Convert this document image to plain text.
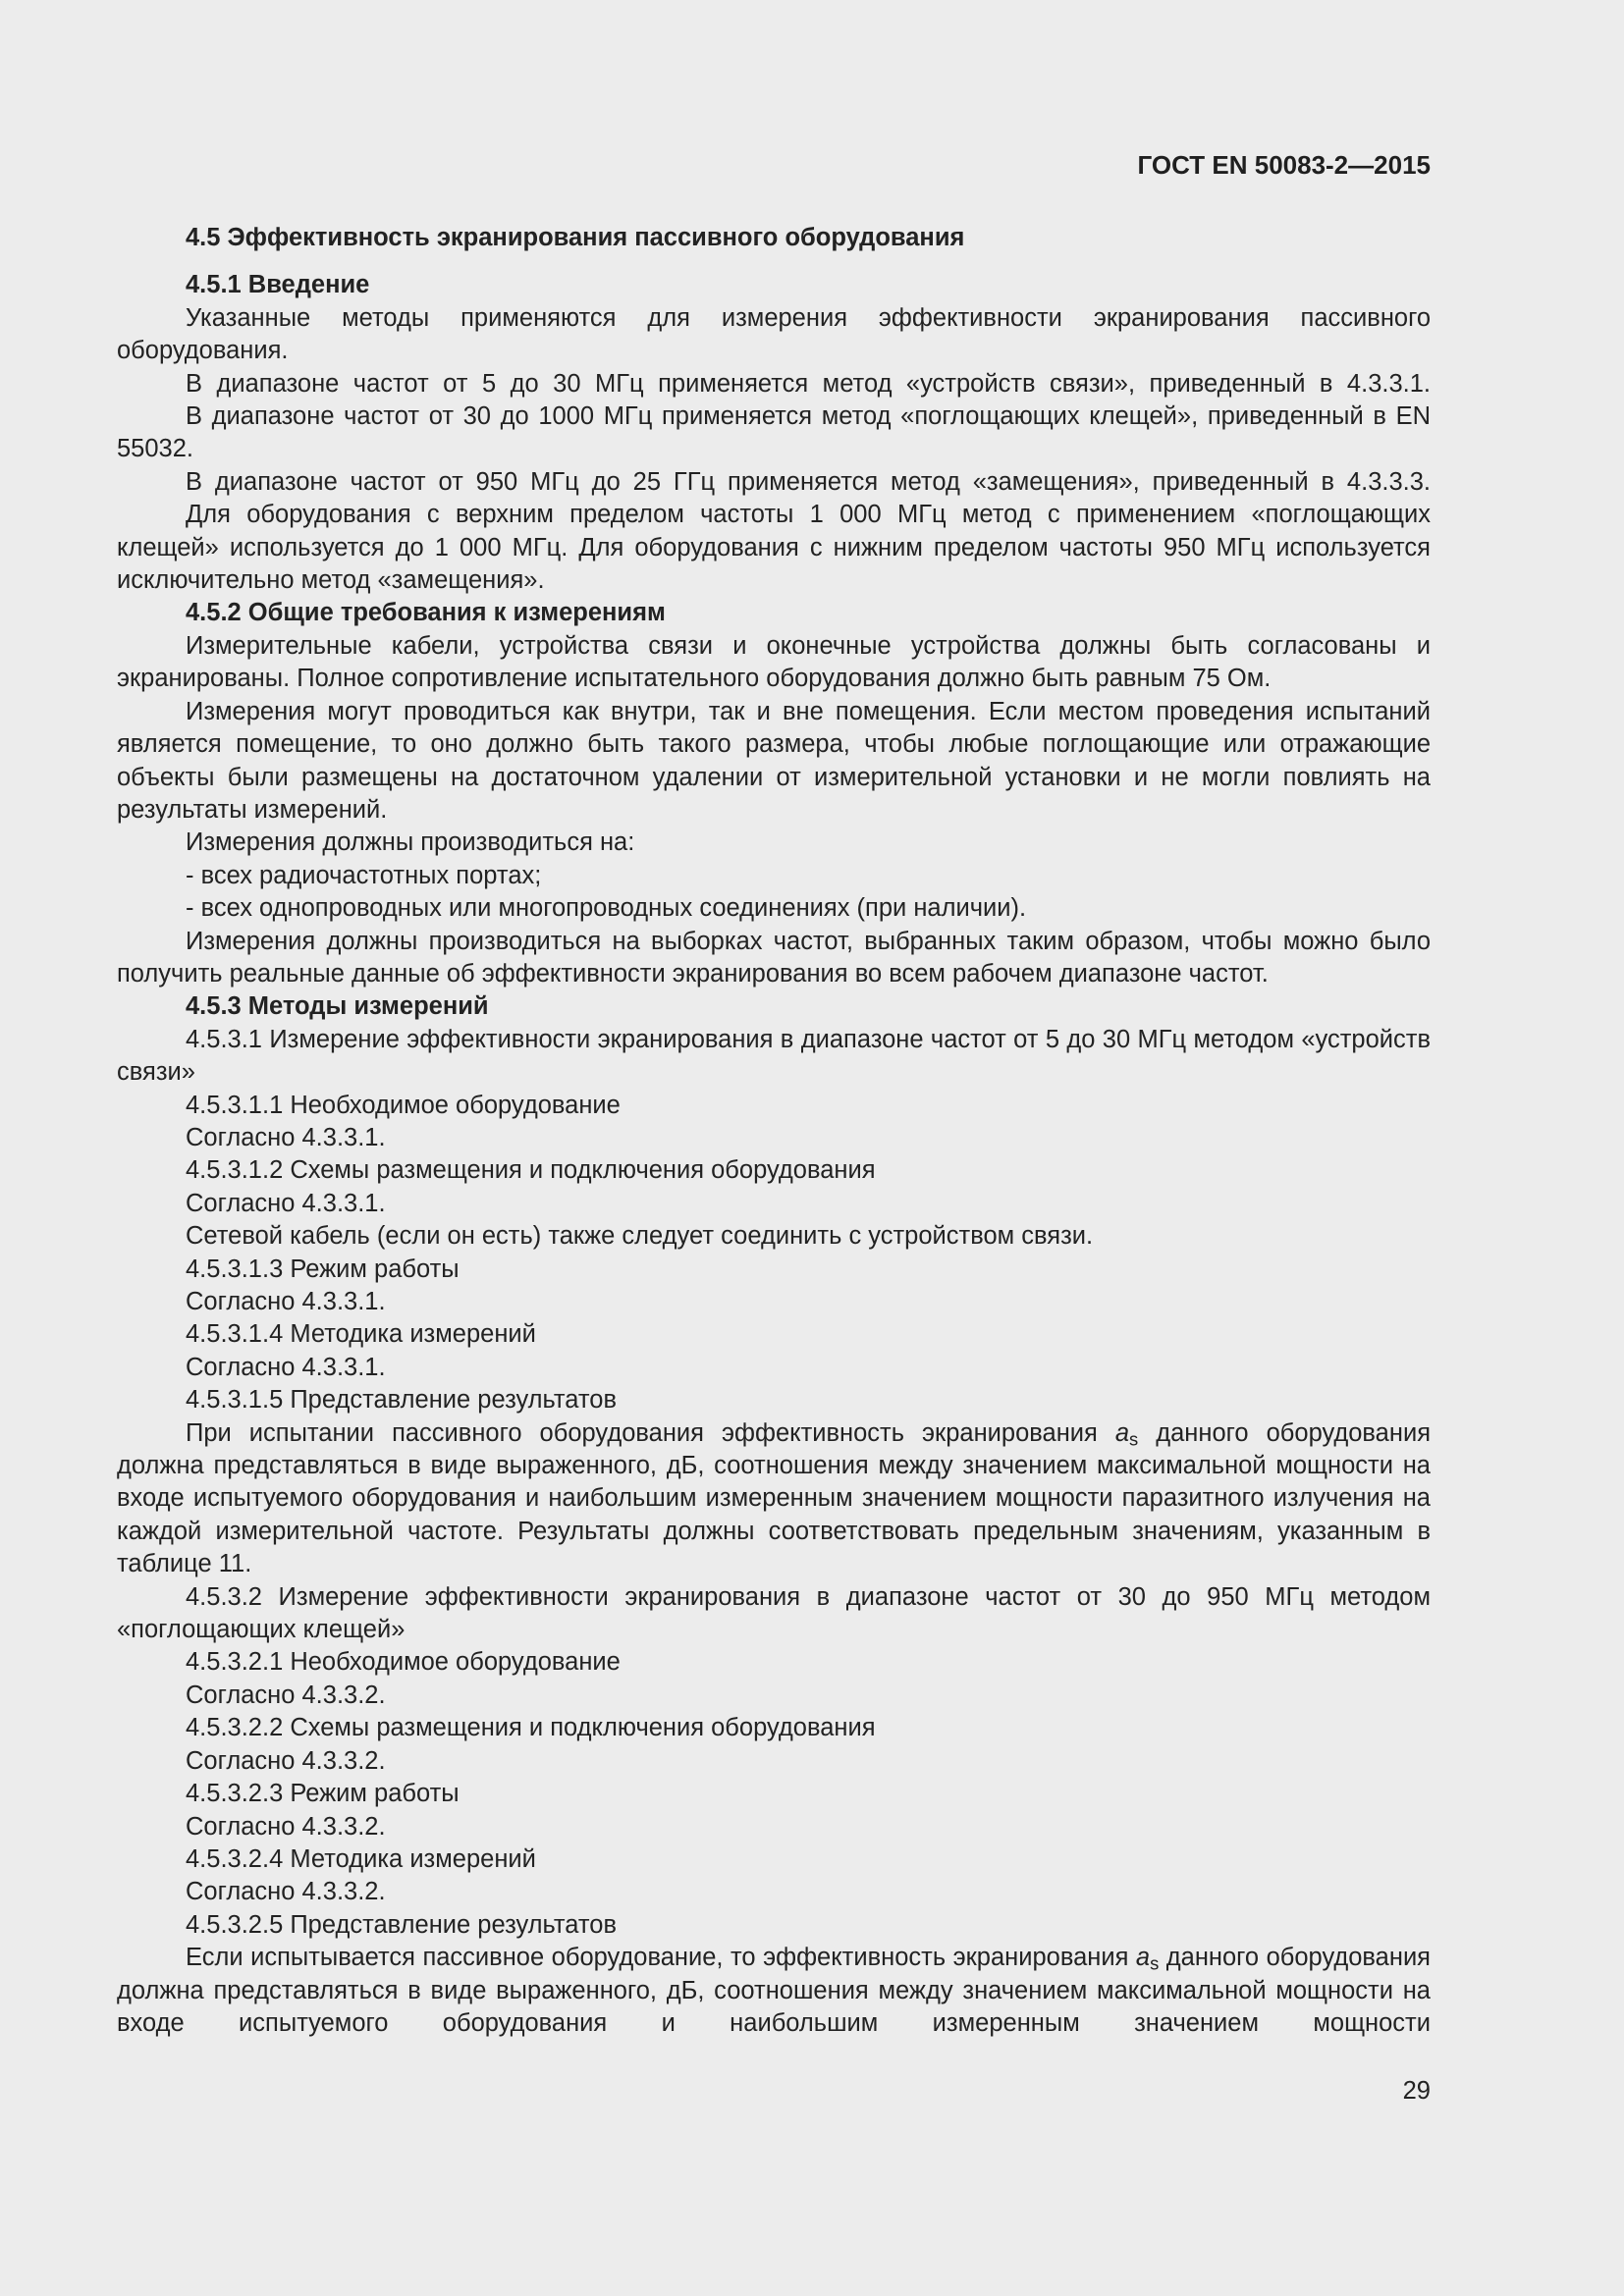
ГОСТ EN 50083-2—2015

4.5 Эффективность экранирования пассивного оборудования

4.5.1 Введение

Указанные методы применяются для измерения эффективности экранирования пассивного оборудования.

В диапазоне частот от 5 до 30 МГц применяется метод «устройств связи», приведенный в 4.3.3.1.

В диапазоне частот от 30 до 1000 МГц применяется метод «поглощающих клещей», приведенный в EN 55032.

В диапазоне частот от 950 МГц до 25 ГГц применяется метод «замещения», приведенный в 4.3.3.3.

Для оборудования с верхним пределом частоты 1 000 МГц метод с применением «поглощающих клещей» используется до 1 000 МГц. Для оборудования с нижним пределом частоты 950 МГц используется исключительно метод «замещения».

4.5.2 Общие требования к измерениям

Измерительные кабели, устройства связи и оконечные устройства должны быть согласованы и экранированы. Полное сопротивление испытательного оборудования должно быть равным 75 Ом.

Измерения могут проводиться как внутри, так и вне помещения. Если местом проведения испытаний является помещение, то оно должно быть такого размера, чтобы любые поглощающие или отражающие объекты были размещены на достаточном удалении от измерительной установки и не могли повлиять на результаты измерений.

Измерения должны производиться на:

- всех радиочастотных портах;

- всех однопроводных или многопроводных соединениях (при наличии).

Измерения должны производиться на выборках частот, выбранных таким образом, чтобы можно было получить реальные данные об эффективности экранирования во всем рабочем диапазоне частот.

4.5.3 Методы измерений

4.5.3.1 Измерение эффективности экранирования в диапазоне частот от 5 до 30 МГц методом «устройств связи»

4.5.3.1.1 Необходимое оборудование

Согласно 4.3.3.1.

4.5.3.1.2 Схемы размещения и подключения оборудования

Согласно 4.3.3.1.

Сетевой кабель (если он есть) также следует соединить с устройством связи.

4.5.3.1.3 Режим работы

Согласно 4.3.3.1.

4.5.3.1.4 Методика измерений

Согласно 4.3.3.1.

4.5.3.1.5 Представление результатов

При испытании пассивного оборудования эффективность экранирования $a_s$ данного оборудования должна представляться в виде выраженного, дБ, соотношения между значением максимальной мощности на входе испытуемого оборудования и наибольшим измеренным значением мощности паразитного излучения на каждой измерительной частоте. Результаты должны соответствовать предельным значениям, указанным в таблице 11.

4.5.3.2 Измерение эффективности экранирования в диапазоне частот от 30 до 950 МГц методом «поглощающих клещей»

4.5.3.2.1 Необходимое оборудование

Согласно 4.3.3.2.

4.5.3.2.2 Схемы размещения и подключения оборудования

Согласно 4.3.3.2.

4.5.3.2.3 Режим работы

Согласно 4.3.3.2.

4.5.3.2.4 Методика измерений

Согласно 4.3.3.2.

4.5.3.2.5 Представление результатов

Если испытывается пассивное оборудование, то эффективность экранирования $a_s$ данного оборудования должна представляться в виде выраженного, дБ, соотношения между значением максимальной мощности на входе испытуемого оборудования и наибольшим измеренным значением мощности

29
